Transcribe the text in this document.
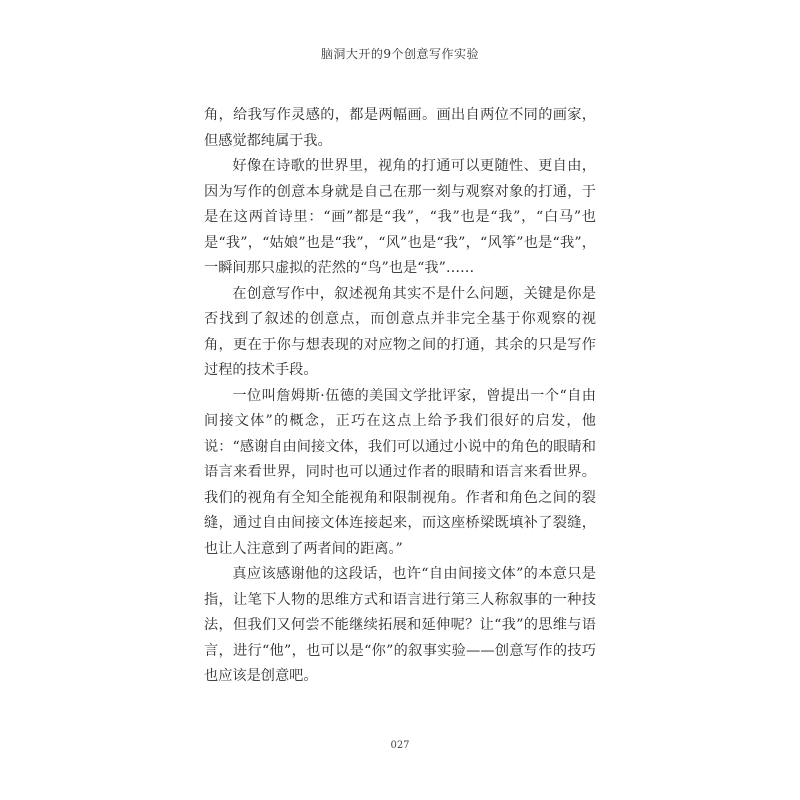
脑洞大开的9个创意写作实验

角，给我写作灵感的，都是两幅画。画出自两位不同的画家，但感觉都纯属于我。

好像在诗歌的世界里，视角的打通可以更随性、更自由，因为写作的创意本身就是自己在那一刻与观察对象的打通，于是在这两首诗里：“画”都是“我”，“我”也是“我”，“白马”也是“我”，“姑娘”也是“我”，“风”也是“我”，“风筝”也是“我”，一瞬间那只虚拟的茫然的“鸟”也是“我”……

在创意写作中，叙述视角其实不是什么问题，关键是你是否找到了叙述的创意点，而创意点并非完全基于你观察的视角，更在于你与想表现的对应物之间的打通，其余的只是写作过程的技术手段。

一位叫詹姆斯·伍德的美国文学批评家，曾提出一个“自由间接文体”的概念，正巧在这点上给予我们很好的启发，他说：“感谢自由间接文体，我们可以通过小说中的角色的眼睛和语言来看世界，同时也可以通过作者的眼睛和语言来看世界。我们的视角有全知全能视角和限制视角。作者和角色之间的裂缝，通过自由间接文体连接起来，而这座桥梁既填补了裂缝，也让人注意到了两者间的距离。”

真应该感谢他的这段话，也许“自由间接文体”的本意只是指，让笔下人物的思维方式和语言进行第三人称叙事的一种技法，但我们又何尝不能继续拓展和延伸呢？让“我”的思维与语言，进行“他”，也可以是“你”的叙事实验——创意写作的技巧也应该是创意吧。

027
